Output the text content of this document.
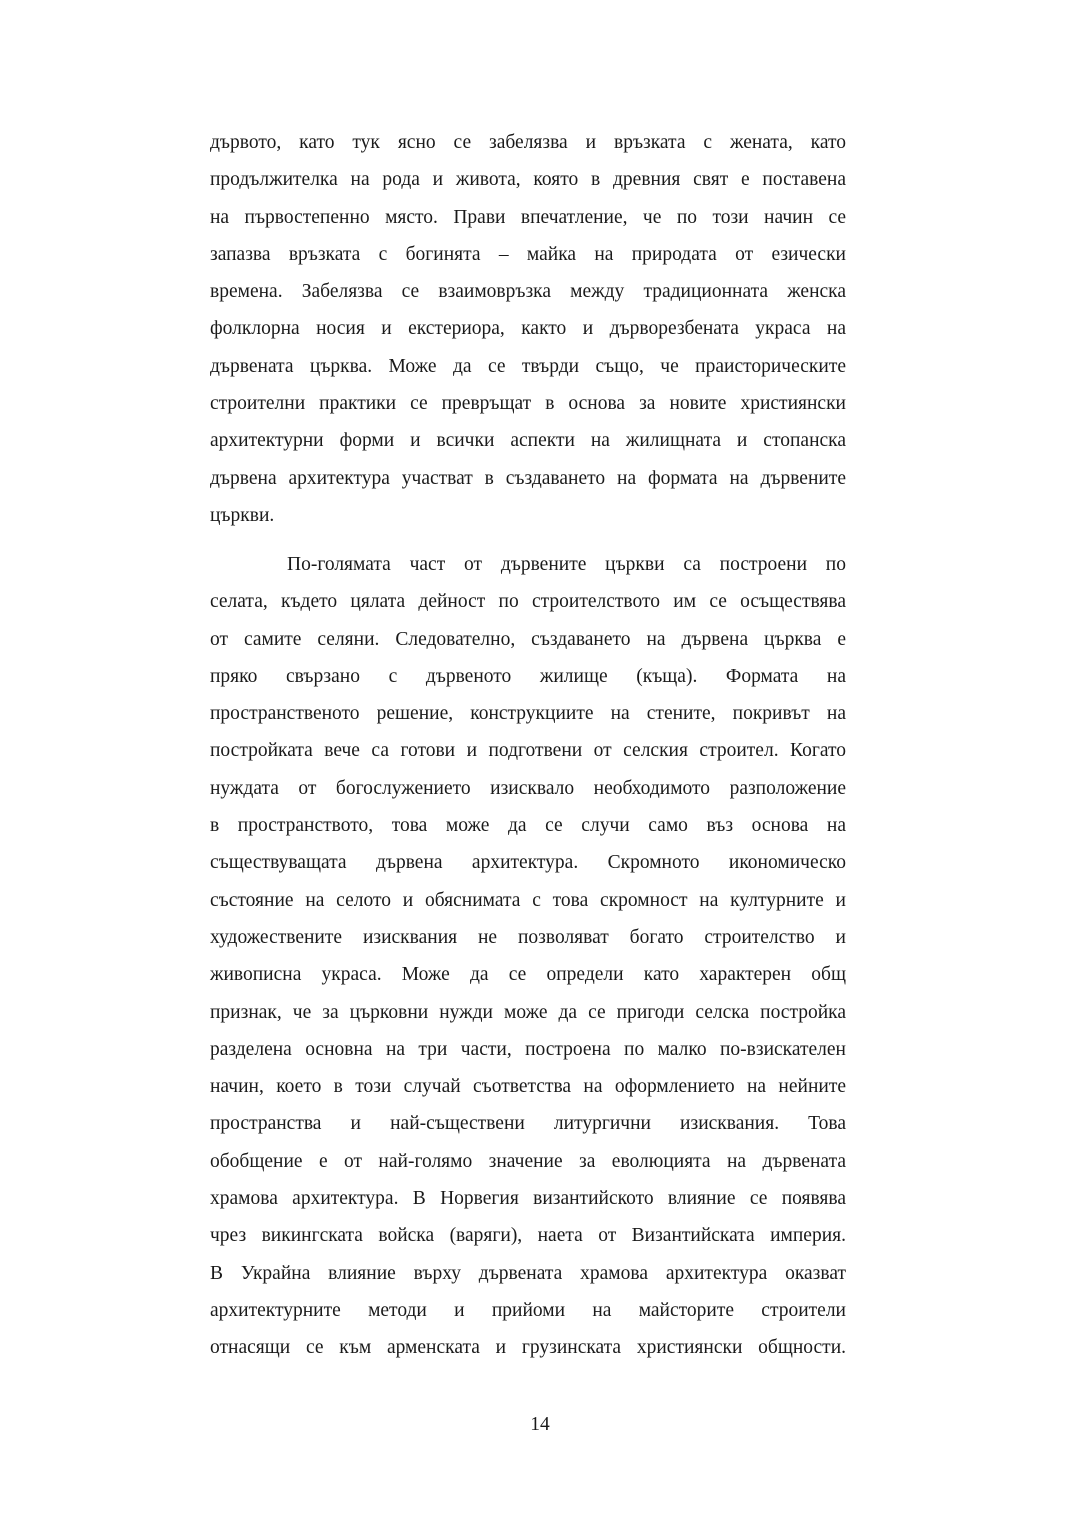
дървото, като тук ясно се забелязва и връзката с жената, като
продължителка на рода и живота, която в древния свят е поставена
на първостепенно място. Прави впечатление, че по този начин се
запазва връзката с богинята – майка на природата от езически
времена. Забелязва се взаимовръзка между традиционната женска
фолклорна носия и екстериора, както и дърворезбената украса на
дървената църква. Може да се твърди също, че праисторическите
строителни практики се превръщат в основа за новите християнски
архитектурни форми и всички аспекти на жилищната и стопанска
дървена архитектура участват в създаването на формата на дървените
църкви.
По-голямата част от дървените църкви са построени по
селата, където цялата дейност по строителството им се осъществява
от самите селяни. Следователно, създаването на дървена църква е
пряко свързано с дървеното жилище (къща). Формата на
пространственото решение, конструкциите на стените, покривът на
постройката вече са готови и подготвени от селския строител. Когато
нуждата от богослужението изисквало необходимото разположение
в пространството, това може да се случи само въз основа на
съществуващата дървена архитектура. Скромното икономическо
състояние на селото и обяснимата с това скромност на културните и
художествените изисквания не позволяват богато строителство и
живописна украса. Може да се определи като характерен общ
признак, че за църковни нужди може да се пригоди селска постройка
разделена основна на три части, построена по малко по-взискателен
начин, което в този случай съответства на оформлението на нейните
пространства и най-съществени литургични изисквания. Това
обобщение е от най-голямо значение за еволюцията на дървената
храмова архитектура. В Норвегия византийското влияние се появява
чрез викингската войска (варяги), наета от Византийската империя.
В Украйна влияние върху дървената храмова архитектура оказват
архитектурните методи и прийоми на майсторите строители
отнасящи се към арменската и грузинската християнски общности.
14
